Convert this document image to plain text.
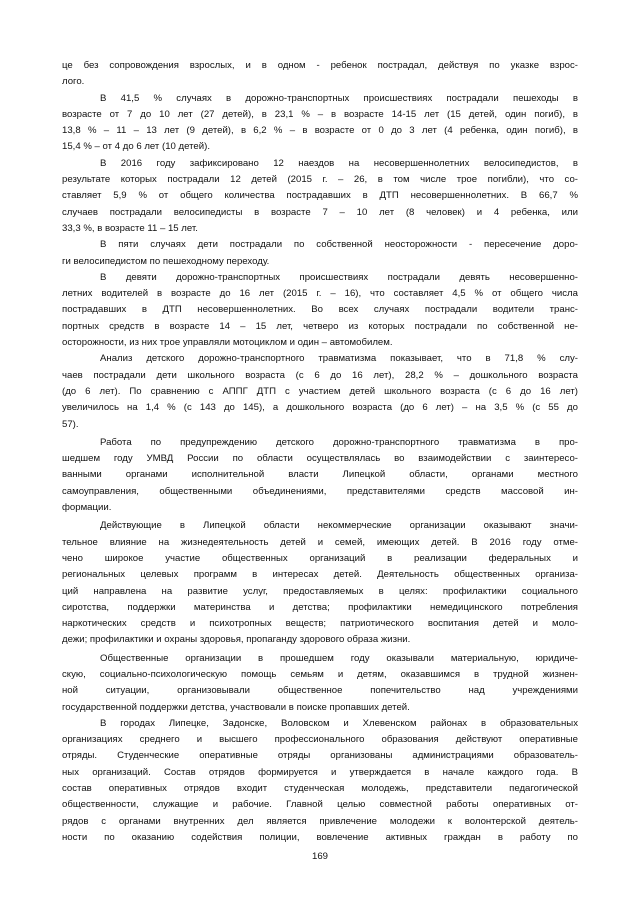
це без сопровождения взрослых, и в одном - ребенок пострадал, действуя по указке взрос-
лого.
В 41,5 % случаях в дорожно-транспортных происшествиях пострадали пешеходы в
возрасте от 7 до 10 лет (27 детей), в 23,1 % – в возрасте 14-15 лет (15 детей, один погиб), в
13,8 % – 11 – 13 лет (9 детей), в 6,2 % – в возрасте от 0 до 3 лет (4 ребенка, один погиб), в
15,4 % – от 4 до 6 лет (10 детей).
В 2016 году зафиксировано 12 наездов на несовершеннолетних велосипедистов, в
результате которых пострадали 12 детей (2015 г. – 26, в том числе трое погибли), что со-
ставляет 5,9 % от общего количества пострадавших в ДТП несовершеннолетних. В 66,7 %
случаев пострадали велосипедисты в возрасте 7 – 10 лет (8 человек) и 4 ребенка, или
33,3 %, в возрасте 11 – 15 лет.
В пяти случаях дети пострадали по собственной неосторожности - пересечение доро-
ги велосипедистом по пешеходному переходу.
В девяти дорожно-транспортных происшествиях пострадали девять несовершенно-
летних водителей в возрасте до 16 лет (2015 г. – 16), что составляет 4,5 % от общего числа
пострадавших в ДТП несовершеннолетних. Во всех случаях пострадали водители транс-
портных средств в возрасте 14 – 15 лет, четверо из которых пострадали по собственной не-
осторожности, из них трое управляли мотоциклом и один – автомобилем.
Анализ детского дорожно-транспортного травматизма показывает, что в 71,8 % слу-
чаев пострадали дети школьного возраста (с 6 до 16 лет), 28,2 % – дошкольного возраста
(до 6 лет). По сравнению с АППГ ДТП с участием детей школьного возраста (с 6 до 16 лет)
увеличилось на 1,4 % (с 143 до 145), а дошкольного возраста (до 6 лет) – на 3,5 % (с 55 до
57).
Работа по предупреждению детского дорожно-транспортного травматизма в про-
шедшем году УМВД России по области осуществлялась во взаимодействии с заинтересо-
ванными органами исполнительной власти Липецкой области, органами местного
самоуправления, общественными объединениями, представителями средств массовой ин-
формации.
Действующие в Липецкой области некоммерческие организации оказывают значи-
тельное влияние на жизнедеятельность детей и семей, имеющих детей. В 2016 году отме-
чено широкое участие общественных организаций в реализации федеральных и
региональных целевых программ в интересах детей. Деятельность общественных организа-
ций направлена на развитие услуг, предоставляемых в целях: профилактики социального
сиротства, поддержки материнства и детства; профилактики немедицинского потребления
наркотических средств и психотропных веществ; патриотического воспитания детей и моло-
дежи; профилактики и охраны здоровья, пропаганду здорового образа жизни.
Общественные организации в прошедшем году оказывали материальную, юридиче-
скую, социально-психологическую помощь семьям и детям, оказавшимся в трудной жизнен-
ной ситуации, организовывали общественное попечительство над учреждениями
государственной поддержки детства, участвовали в поиске пропавших детей.
В городах Липецке, Задонске, Воловском и Хлевенском районах в образовательных
организациях среднего и высшего профессионального образования действуют оперативные
отряды. Студенческие оперативные отряды организованы администрациями образователь-
ных организаций. Состав отрядов формируется и утверждается в начале каждого года. В
состав оперативных отрядов входит студенческая молодежь, представители педагогической
общественности, служащие и рабочие. Главной целью совместной работы оперативных от-
рядов с органами внутренних дел является привлечение молодежи к волонтерской деятель-
ности по оказанию содействия полиции, вовлечение активных граждан в работу по
169
